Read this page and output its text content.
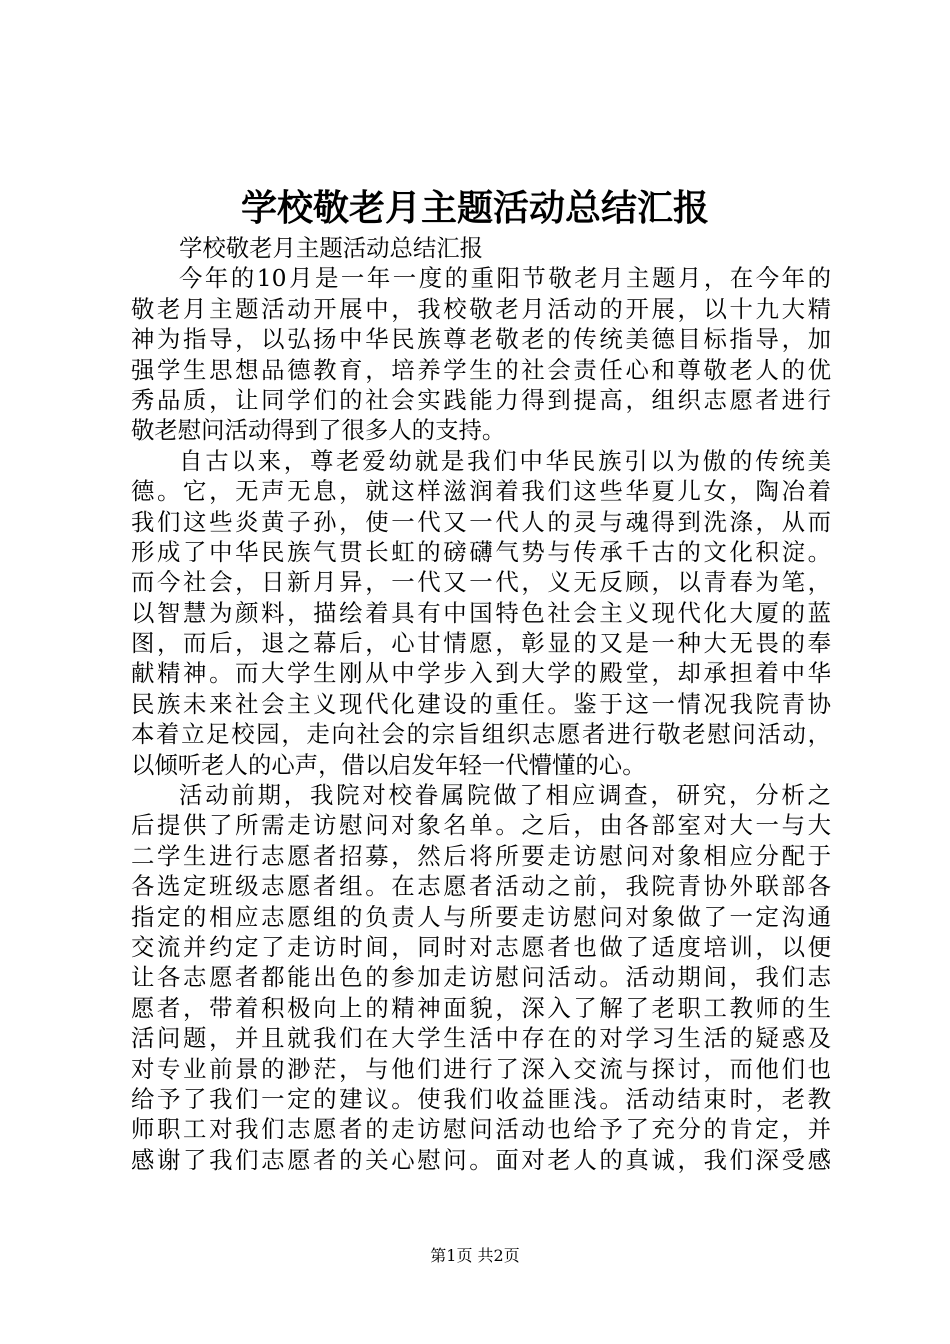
学校敬老月主题活动总结汇报
学校敬老月主题活动总结汇报
今年的10月是一年一度的重阳节敬老月主题月，在今年的
敬老月主题活动开展中，我校敬老月活动的开展，以十九大精
神为指导，以弘扬中华民族尊老敬老的传统美德目标指导，加
强学生思想品德教育，培养学生的社会责任心和尊敬老人的优
秀品质，让同学们的社会实践能力得到提高，组织志愿者进行
敬老慰问活动得到了很多人的支持。
自古以来，尊老爱幼就是我们中华民族引以为傲的传统美
德。它，无声无息，就这样滋润着我们这些华夏儿女，陶冶着
我们这些炎黄子孙，使一代又一代人的灵与魂得到洗涤，从而
形成了中华民族气贯长虹的磅礴气势与传承千古的文化积淀。
而今社会，日新月异，一代又一代，义无反顾，以青春为笔，
以智慧为颜料，描绘着具有中国特色社会主义现代化大厦的蓝
图，而后，退之幕后，心甘情愿，彰显的又是一种大无畏的奉
献精神。而大学生刚从中学步入到大学的殿堂，却承担着中华
民族未来社会主义现代化建设的重任。鉴于这一情况我院青协
本着立足校园，走向社会的宗旨组织志愿者进行敬老慰问活动，
以倾听老人的心声，借以启发年轻一代懵懂的心。
活动前期，我院对校眷属院做了相应调查，研究，分析之
后提供了所需走访慰问对象名单。之后，由各部室对大一与大
二学生进行志愿者招募，然后将所要走访慰问对象相应分配于
各选定班级志愿者组。在志愿者活动之前，我院青协外联部各
指定的相应志愿组的负责人与所要走访慰问对象做了一定沟通
交流并约定了走访时间，同时对志愿者也做了适度培训，以便
让各志愿者都能出色的参加走访慰问活动。活动期间，我们志
愿者，带着积极向上的精神面貌，深入了解了老职工教师的生
活问题，并且就我们在大学生活中存在的对学习生活的疑惑及
对专业前景的渺茫，与他们进行了深入交流与探讨，而他们也
给予了我们一定的建议。使我们收益匪浅。活动结束时，老教
师职工对我们志愿者的走访慰问活动也给予了充分的肯定，并
感谢了我们志愿者的关心慰问。面对老人的真诚，我们深受感
第1页 共2页
